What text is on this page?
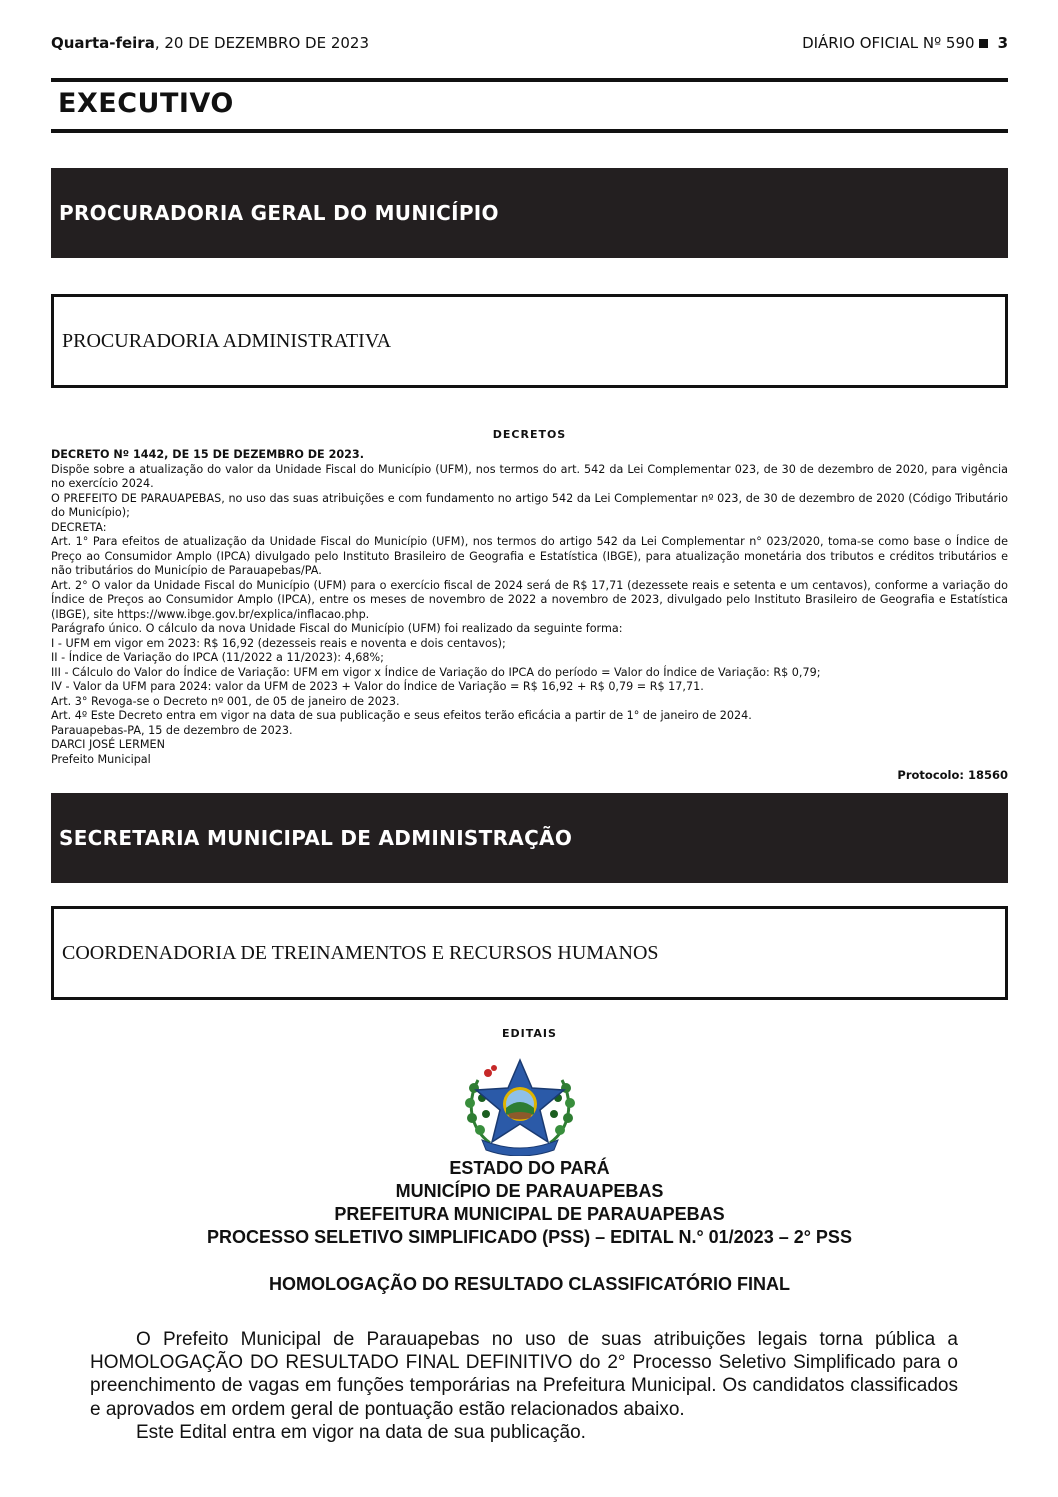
Quarta-feira, 20 DE DEZEMBRO DE 2023	DIÁRIO OFICIAL Nº 590 3
EXECUTIVO
PROCURADORIA GERAL DO MUNICÍPIO
PROCURADORIA ADMINISTRATIVA
DECRETOS

DECRETO Nº 1442, DE 15 DE DEZEMBRO DE 2023.

Dispõe sobre a atualização do valor da Unidade Fiscal do Município (UFM), nos termos do art. 542 da Lei Complementar 023, de 30 de dezembro de 2020, para vigência no exercício 2024.

O PREFEITO DE PARAUAPEBAS, no uso das suas atribuições e com fundamento no artigo 542 da Lei Complementar nº 023, de 30 de dezembro de 2020 (Código Tributário do Município);

DECRETA:

Art. 1° Para efeitos de atualização da Unidade Fiscal do Município (UFM), nos termos do artigo 542 da Lei Complementar n° 023/2020, toma-se como base o Índice de Preço ao Consumidor Amplo (IPCA) divulgado pelo Instituto Brasileiro de Geografia e Estatística (IBGE), para atualização monetária dos tributos e créditos tributários e não tributários do Município de Parauapebas/PA.

Art. 2° O valor da Unidade Fiscal do Município (UFM) para o exercício fiscal de 2024 será de R$ 17,71 (dezessete reais e setenta e um centavos), conforme a variação do Índice de Preços ao Consumidor Amplo (IPCA), entre os meses de novembro de 2022 a novembro de 2023, divulgado pelo Instituto Brasileiro de Geografia e Estatística (IBGE), site https://www.ibge.gov.br/explica/inflacao.php.

Parágrafo único. O cálculo da nova Unidade Fiscal do Município (UFM) foi realizado da seguinte forma:

I - UFM em vigor em 2023: R$ 16,92 (dezesseis reais e noventa e dois centavos);

II - Índice de Variação do IPCA (11/2022 a 11/2023): 4,68%;

III - Cálculo do Valor do Índice de Variação: UFM em vigor x Índice de Variação do IPCA do período = Valor do Índice de Variação: R$ 0,79;

IV - Valor da UFM para 2024: valor da UFM de 2023 + Valor do Índice de Variação = R$ 16,92 + R$ 0,79 = R$ 17,71.

Art. 3° Revoga-se o Decreto nº 001, de 05 de janeiro de 2023.

Art. 4º Este Decreto entra em vigor na data de sua publicação e seus efeitos terão eficácia a partir de 1° de janeiro de 2024.

Parauapebas-PA, 15 de dezembro de 2023.

DARCI JOSÉ LERMEN

Prefeito Municipal

Protocolo: 18560
SECRETARIA MUNICIPAL DE ADMINISTRAÇÃO
COORDENADORIA DE TREINAMENTOS E RECURSOS HUMANOS
EDITAIS
ESTADO DO PARÁ
MUNICÍPIO DE PARAUAPEBAS
PREFEITURA MUNICIPAL DE PARAUAPEBAS
PROCESSO SELETIVO SIMPLIFICADO (PSS) – EDITAL N.° 01/2023 – 2° PSS
HOMOLOGAÇÃO DO RESULTADO CLASSIFICATÓRIO FINAL

O Prefeito Municipal de Parauapebas no uso de suas atribuições legais torna pública a HOMOLOGAÇÃO DO RESULTADO FINAL DEFINITIVO do 2° Processo Seletivo Simplificado para o preenchimento de vagas em funções temporárias na Prefeitura Municipal. Os candidatos classificados e aprovados em ordem geral de pontuação estão relacionados abaixo.

Este Edital entra em vigor na data de sua publicação.
